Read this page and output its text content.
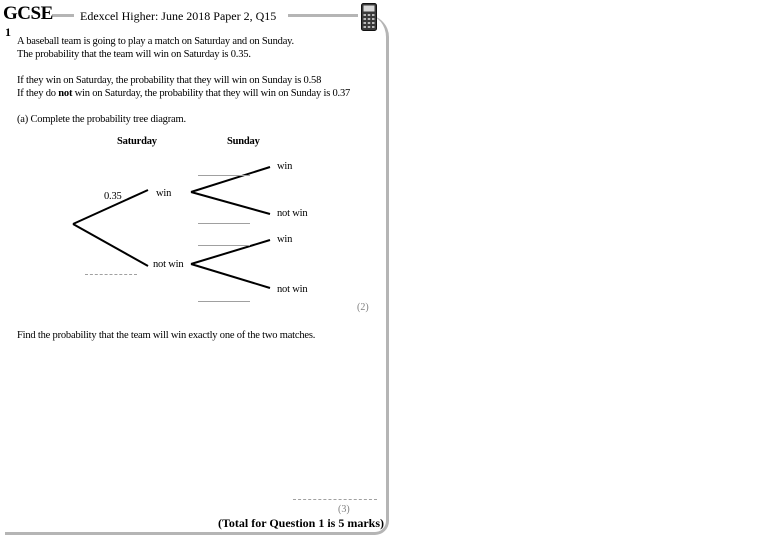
GCSE
1
Edexcel Higher: June 2018 Paper 2, Q15
A baseball team is going to play a match on Saturday and on Sunday.
The probability that the team will win on Saturday is 0.35.
If they win on Saturday, the probability that they will win on Sunday is 0.58
If they do not win on Saturday, the probability that they will win on Sunday is 0.37
(a) Complete the probability tree diagram.
Saturday	Sunday
0.35	win
not win
win
not win
win
not win
(2)
Find the probability that the team will win exactly one of the two matches.
(3)
(Total for Question 1 is 5 marks)
